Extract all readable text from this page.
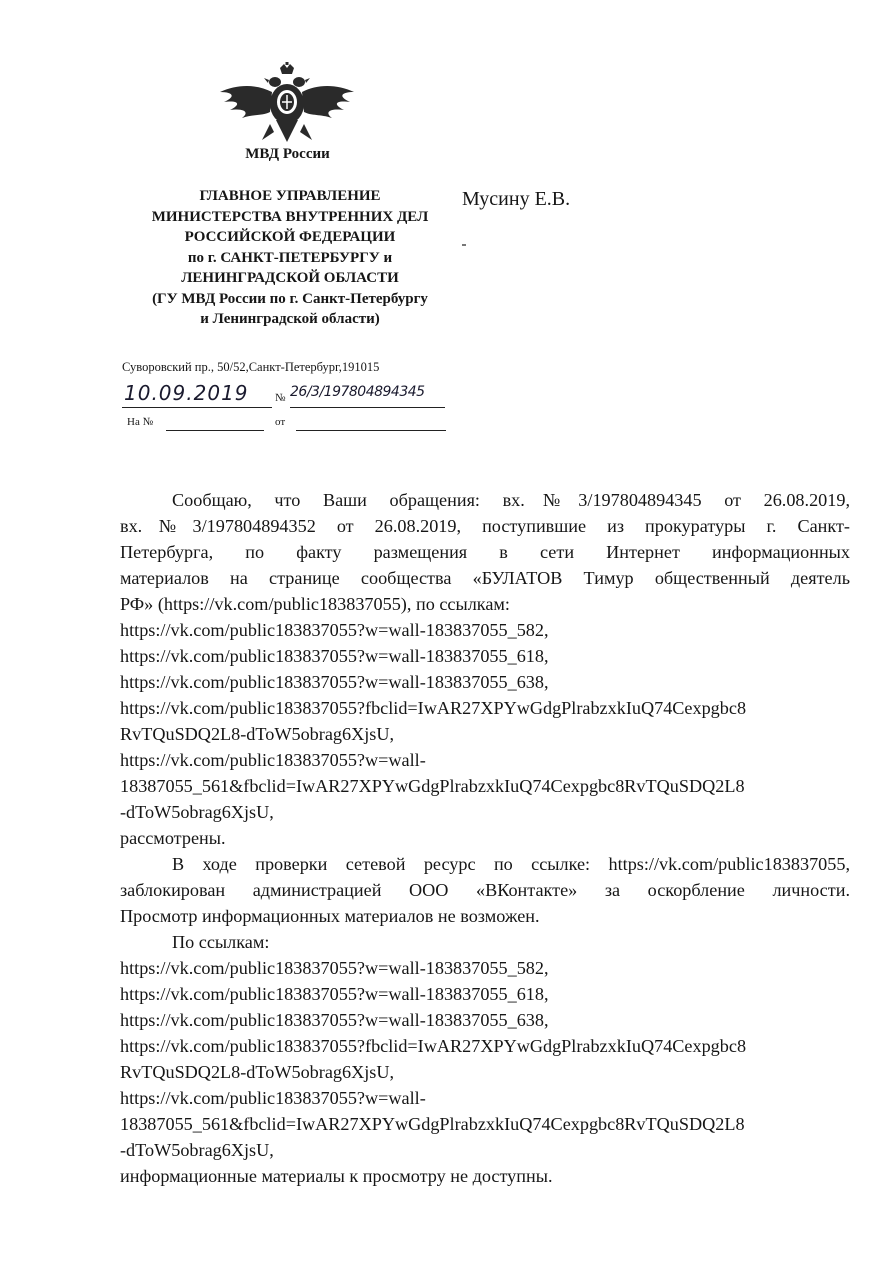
МВД России
ГЛАВНОЕ УПРАВЛЕНИЕ
МИНИСТЕРСТВА ВНУТРЕННИХ ДЕЛ
РОССИЙСКОЙ ФЕДЕРАЦИИ
по г. САНКТ-ПЕТЕРБУРГУ и
ЛЕНИНГРАДСКОЙ ОБЛАСТИ
(ГУ МВД России по г. Санкт-Петербургу
и Ленинградской области)
Мусину Е.В.
Суворовский пр., 50/52,Санкт-Петербург,191015
10.09.2019 № 26/3/197804894345
На №	от
Сообщаю, что Ваши обращения: вх.№3/197804894345 от 26.08.2019,
вх.№3/197804894352 от 26.08.2019, поступившие из прокуратуры г. Санкт-
Петербурга, по факту размещения в сети Интернет информационных
материалов на странице сообщества «БУЛАТОВ Тимур общественный деятель
РФ» (https://vk.com/public183837055), по ссылкам:
https://vk.com/public183837055?w=wall-183837055_582,
https://vk.com/public183837055?w=wall-183837055_618,
https://vk.com/public183837055?w=wall-183837055_638,
https://vk.com/public183837055?fbclid=IwAR27XPYwGdgPlrabzxkIuQ74Cexpgbc8
RvTQuSDQ2L8-dToW5obrag6XjsU,
https://vk.com/public183837055?w=wall-
18387055_561&fbclid=IwAR27XPYwGdgPlrabzxkIuQ74Cexpgbc8RvTQuSDQ2L8
-dToW5obrag6XjsU,
рассмотрены.
В ходе проверки сетевой ресурс по ссылке: https://vk.com/public183837055,
заблокирован администрацией ООО «ВКонтакте» за оскорбление личности.
Просмотр информационных материалов не возможен.
По ссылкам:
https://vk.com/public183837055?w=wall-183837055_582,
https://vk.com/public183837055?w=wall-183837055_618,
https://vk.com/public183837055?w=wall-183837055_638,
https://vk.com/public183837055?fbclid=IwAR27XPYwGdgPlrabzxkIuQ74Cexpgbc8
RvTQuSDQ2L8-dToW5obrag6XjsU,
https://vk.com/public183837055?w=wall-
18387055_561&fbclid=IwAR27XPYwGdgPlrabzxkIuQ74Cexpgbc8RvTQuSDQ2L8
-dToW5obrag6XjsU,
информационные материалы к просмотру не доступны.
